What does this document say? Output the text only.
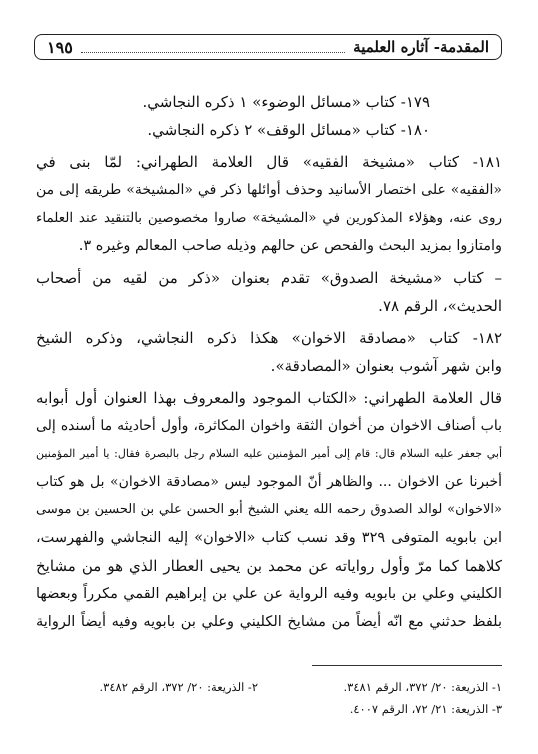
١٩٥	المقدمة- آثاره العلمية
١٧٩- كتاب «مسائل الوضوء» ١ ذكره النجاشي.
١٨٠- كتاب «مسائل الوقف» ٢ ذكره النجاشي.
١٨١- كتاب «مشيخة الفقيه» قال العلامة الطهراني: لمّا بنى في
«الفقيه» على اختصار الأسانيد وحذف أوائلها ذكر في «المشيخة» طريقه إلى من
روى عنه، وهؤلاء المذكورين في «المشيخة» صاروا مخصوصين بالتنقيد عند العلماء
وامتازوا بمزيد البحث والفحص عن حالهم وذيله صاحب المعالم وغيره ٣.
– كتاب «مشيخة الصدوق» تقدم بعنوان «ذكر من لقيه من أصحاب
الحديث»، الرقم ٧٨.
١٨٢- كتاب «مصادقة الاخوان» هكذا ذكره النجاشي، وذكره الشيخ
وابن شهر آشوب بعنوان «المصادقة».
قال العلامة الطهراني: «الكتاب الموجود والمعروف بهذا العنوان أول أبوابه
باب أصناف الاخوان من أخوان الثقة واخوان المكاثرة، وأول أحاديثه ما أسنده إلى
أبي جعفر عليه السلام قال: قام إلى أمير المؤمنين عليه السلام رجل بالبصرة فقال: يا أمير المؤمنين
أخبرنا عن الاخوان ... والظاهر أنّ الموجود ليس «مصادقة الاخوان» بل هو كتاب
«الاخوان» لوالد الصدوق رحمه الله يعني الشيخ أبو الحسن علي بن الحسين بن موسى
ابن بابويه المتوفى ٣٢٩ وقد نسب كتاب «الاخوان» إليه النجاشي والفهرست،
كلاهما كما مرّ وأول رواياته عن محمد بن يحيى العطار الذي هو من مشايخ
الكليني وعلي بن بابويه وفيه الرواية عن علي بن إبراهيم القمي مكرراً وبعضها
بلفظ حدثني مع انّه أيضاً من مشايخ الكليني وعلي بن بابويه وفيه أيضاً الرواية
١- الذريعة: ٢٠/ ٣٧٢، الرقم ٣٤٨١.
٢- الذريعة: ٢٠/ ٣٧٢، الرقم ٣٤٨٢.
٣- الذريعة: ٢١/ ٧٢، الرقم ٤٠٠٧.
